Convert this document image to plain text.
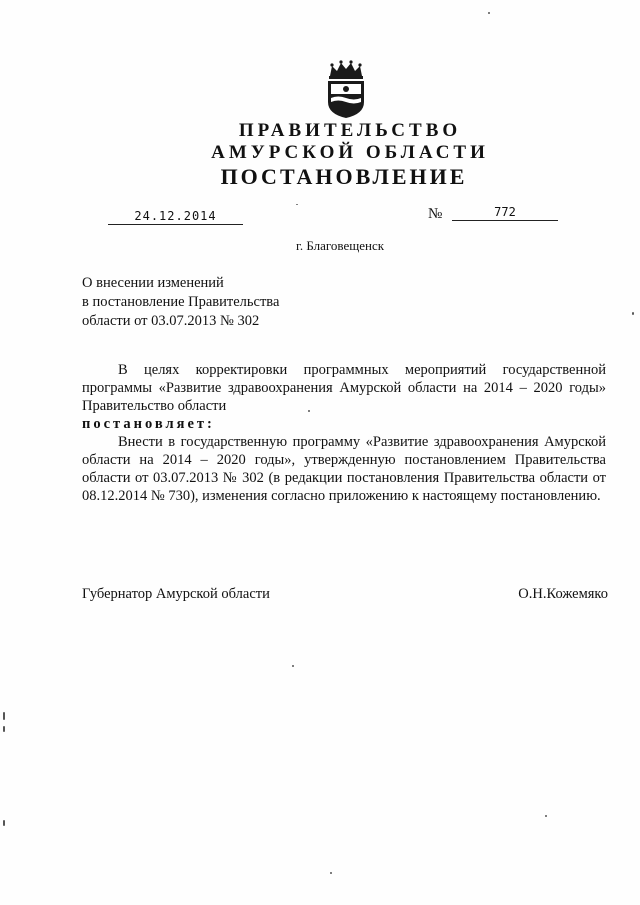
ПРАВИТЕЛЬСТВО
АМУРСКОЙ ОБЛАСТИ
ПОСТАНОВЛЕНИЕ
24.12.2014	№	772
г. Благовещенск
О внесении изменений
в постановление Правительства
области от 03.07.2013 № 302

В целях корректировки программных мероприятий государственной программы «Развитие здравоохранения Амурской области на 2014 – 2020 годы» Правительство области

постановляет:

Внести в государственную программу «Развитие здравоохранения Амурской области на 2014 – 2020 годы», утвержденную постановлением Правительства области от 03.07.2013 № 302 (в редакции постановления Правительства области от 08.12.2014 № 730), изменения согласно приложению к настоящему постановлению.

Губернатор Амурской области	О.Н.Кожемяко
